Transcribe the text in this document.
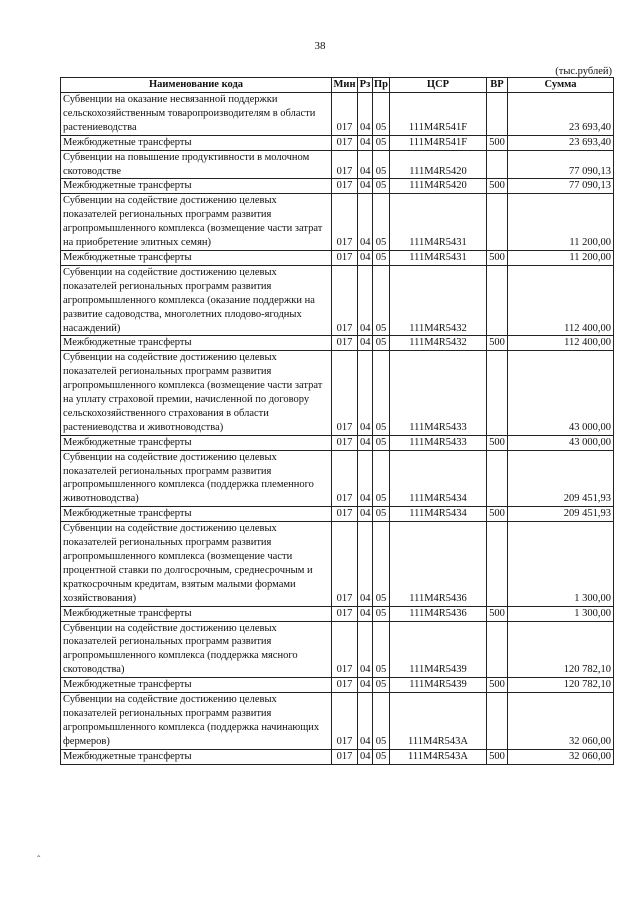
38
(тыс.рублей)
Наименование кода	Мин	Рз	Пр	ЦСР	ВР	Сумма
Субвенции на оказание несвязанной поддержки сельскохозяйственным товаропроизводителям в области растениеводства	017	04	05	111M4R541F		23 693,40
Межбюджетные трансферты	017	04	05	111M4R541F	500	23 693,40
Субвенции на повышение продуктивности в молочном скотоводстве	017	04	05	111M4R5420		77 090,13
Межбюджетные трансферты	017	04	05	111M4R5420	500	77 090,13
Субвенции на содействие достижению целевых показателей региональных программ развития агропромышленного комплекса (возмещение части затрат на приобретение элитных семян)	017	04	05	111M4R5431		11 200,00
Межбюджетные трансферты	017	04	05	111M4R5431	500	11 200,00
Субвенции на содействие достижению целевых показателей региональных программ развития агропромышленного комплекса (оказание поддержки на развитие садоводства, многолетних плодово-ягодных насаждений)	017	04	05	111M4R5432		112 400,00
Межбюджетные трансферты	017	04	05	111M4R5432	500	112 400,00
Субвенции на содействие достижению целевых показателей региональных программ развития агропромышленного комплекса (возмещение части затрат на уплату страховой премии, начисленной по договору сельскохозяйственного страхования в области растениеводства и животноводства)	017	04	05	111M4R5433		43 000,00
Межбюджетные трансферты	017	04	05	111M4R5433	500	43 000,00
Субвенции на содействие достижению целевых показателей региональных программ развития агропромышленного комплекса (поддержка племенного животноводства)	017	04	05	111M4R5434		209 451,93
Межбюджетные трансферты	017	04	05	111M4R5434	500	209 451,93
Субвенции на содействие достижению целевых показателей региональных программ развития агропромышленного комплекса (возмещение части процентной ставки по долгосрочным, среднесрочным и краткосрочным кредитам, взятым малыми формами хозяйствования)	017	04	05	111M4R5436		1 300,00
Межбюджетные трансферты	017	04	05	111M4R5436	500	1 300,00
Субвенции на содействие достижению целевых показателей региональных программ развития агропромышленного комплекса (поддержка мясного скотоводства)	017	04	05	111M4R5439		120 782,10
Межбюджетные трансферты	017	04	05	111M4R5439	500	120 782,10
Субвенции на содействие достижению целевых показателей региональных программ развития агропромышленного комплекса (поддержка начинающих фермеров)	017	04	05	111M4R543A		32 060,00
Межбюджетные трансферты	017	04	05	111M4R543A	500	32 060,00
ˆ
